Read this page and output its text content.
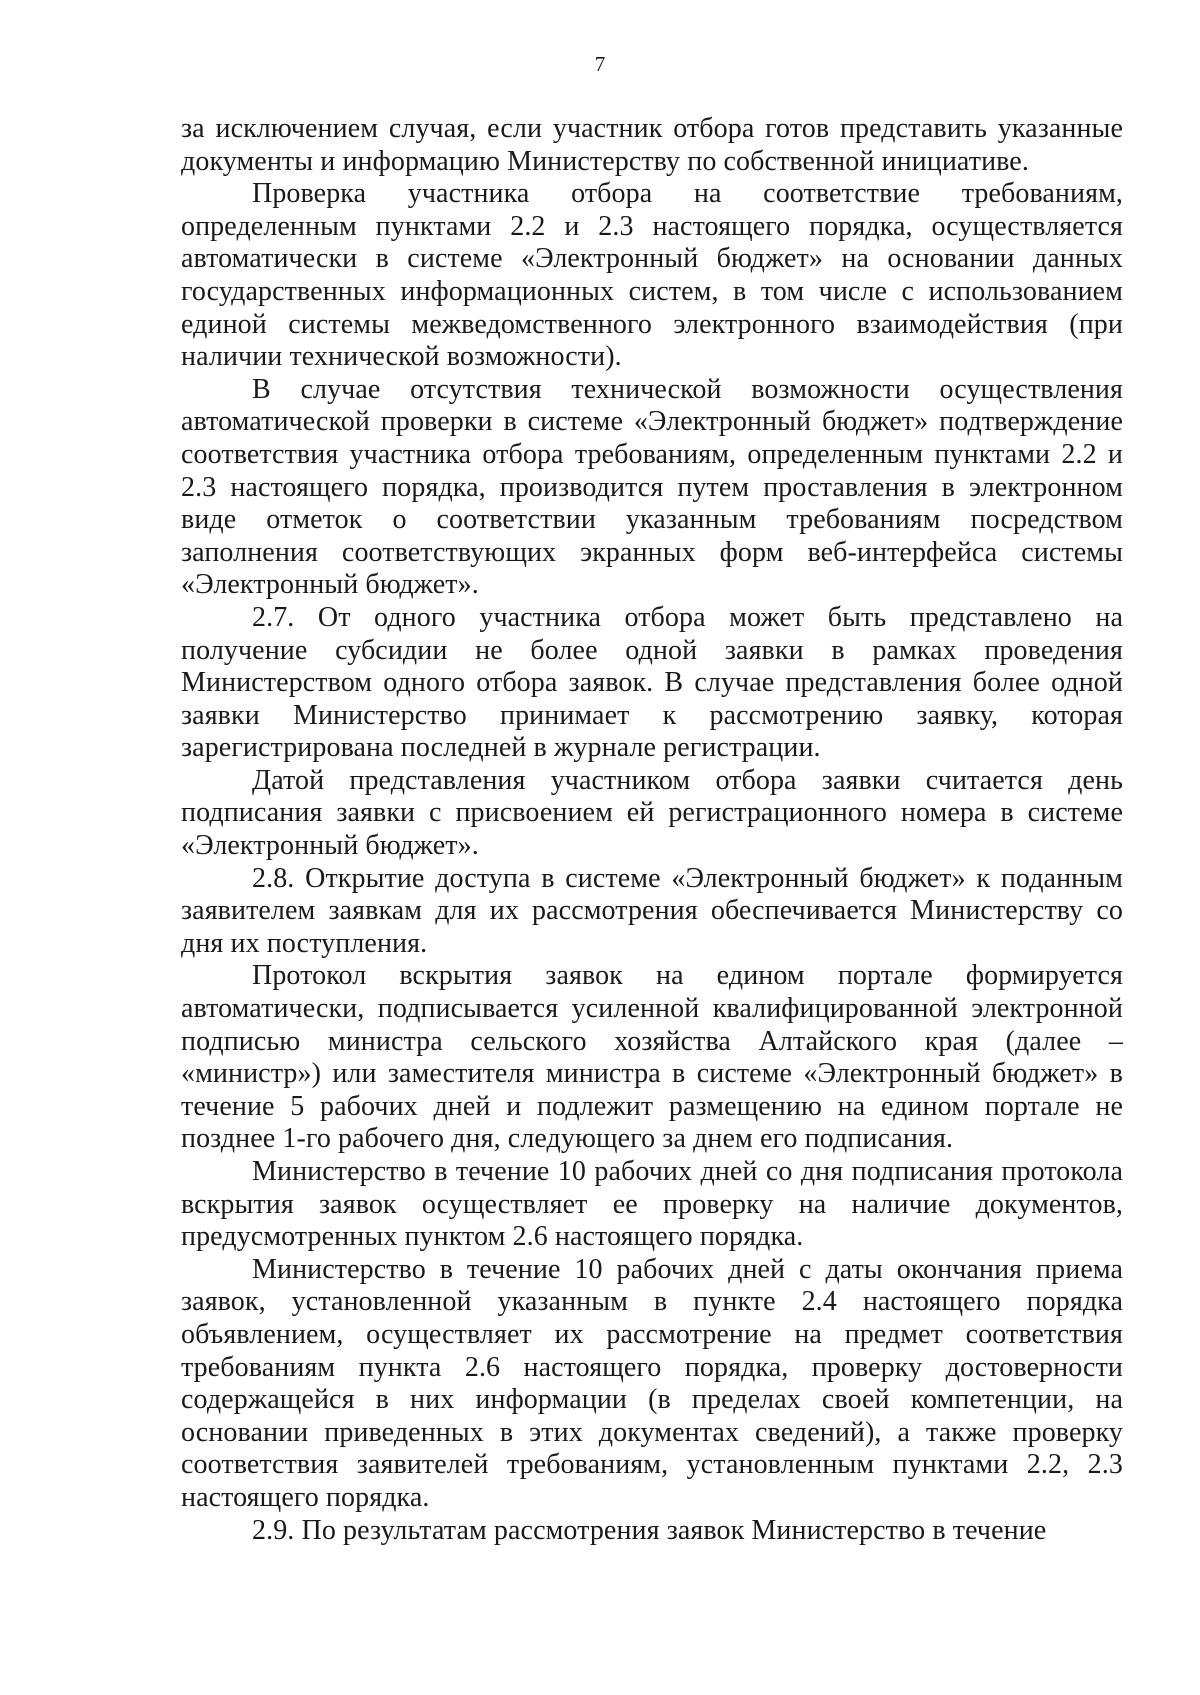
7

за исключением случая, если участник отбора готов представить указанные документы и информацию Министерству по собственной инициативе.

Проверка участника отбора на соответствие требованиям, определенным пунктами 2.2 и 2.3 настоящего порядка, осуществляется автоматически в системе «Электронный бюджет» на основании данных государственных информационных систем, в том числе с использованием единой системы межведомственного электронного взаимодействия (при наличии технической возможности).

В случае отсутствия технической возможности осуществления автоматической проверки в системе «Электронный бюджет» подтверждение соответствия участника отбора требованиям, определенным пунктами 2.2 и 2.3 настоящего порядка, производится путем проставления в электронном виде отметок о соответствии указанным требованиям посредством заполнения соответствующих экранных форм веб-интерфейса системы «Электронный бюджет».

2.7. От одного участника отбора может быть представлено на получение субсидии не более одной заявки в рамках проведения Министерством одного отбора заявок. В случае представления более одной заявки Министерство принимает к рассмотрению заявку, которая зарегистрирована последней в журнале регистрации.

Датой представления участником отбора заявки считается день подписания заявки с присвоением ей регистрационного номера в системе «Электронный бюджет».

2.8. Открытие доступа в системе «Электронный бюджет» к поданным заявителем заявкам для их рассмотрения обеспечивается Министерству со дня их поступления.

Протокол вскрытия заявок на едином портале формируется автоматически, подписывается усиленной квалифицированной электронной подписью министра сельского хозяйства Алтайского края (далее – «министр») или заместителя министра в системе «Электронный бюджет» в течение 5 рабочих дней и подлежит размещению на едином портале не позднее 1-го рабочего дня, следующего за днем его подписания.

Министерство в течение 10 рабочих дней со дня подписания протокола вскрытия заявок осуществляет ее проверку на наличие документов, предусмотренных пунктом 2.6 настоящего порядка.

Министерство в течение 10 рабочих дней с даты окончания приема заявок, установленной указанным в пункте 2.4 настоящего порядка объявлением, осуществляет их рассмотрение на предмет соответствия требованиям пункта 2.6 настоящего порядка, проверку достоверности содержащейся в них информации (в пределах своей компетенции, на основании приведенных в этих документах сведений), а также проверку соответствия заявителей требованиям, установленным пунктами 2.2, 2.3 настоящего порядка.

2.9. По результатам рассмотрения заявок Министерство в течение
